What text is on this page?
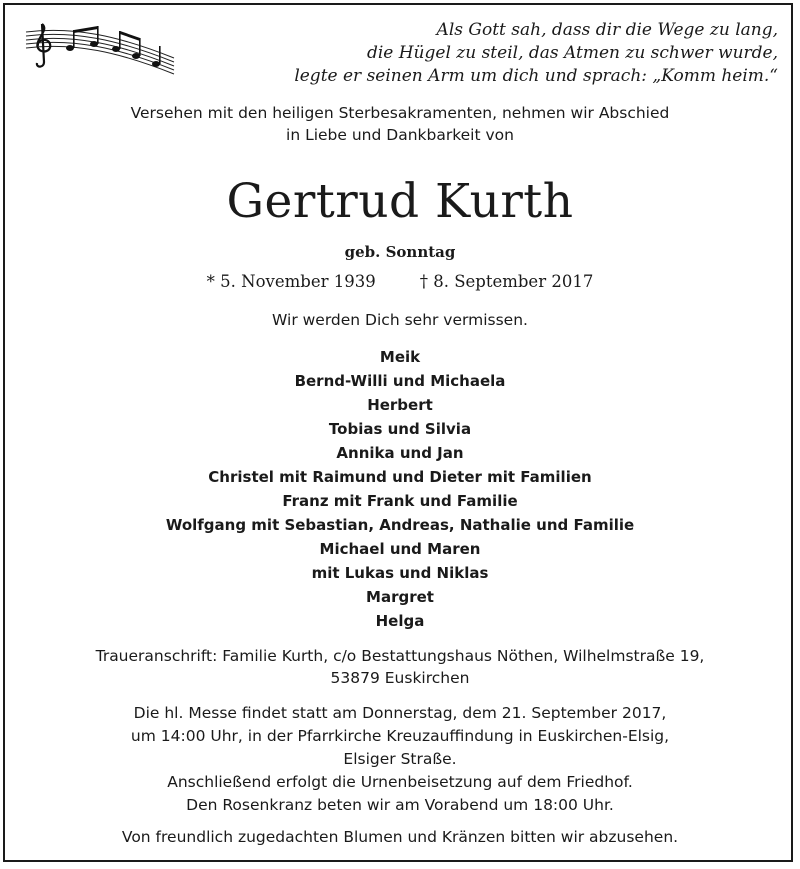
Als Gott sah, dass dir die Wege zu lang,
die Hügel zu steil, das Atmen zu schwer wurde,
legte er seinen Arm um dich und sprach: „Komm heim.“
Versehen mit den heiligen Sterbesakramenten, nehmen wir Abschied
in Liebe und Dankbarkeit von
Gertrud Kurth
geb. Sonntag
* 5. November 1939	† 8. September 2017
Wir werden Dich sehr vermissen.
Meik
Bernd-Willi und Michaela
Herbert
Tobias und Silvia
Annika und Jan
Christel mit Raimund und Dieter mit Familien
Franz mit Frank und Familie
Wolfgang mit Sebastian, Andreas, Nathalie und Familie
Michael und Maren
mit Lukas und Niklas
Margret
Helga
Traueranschrift: Familie Kurth, c/o Bestattungshaus Nöthen, Wilhelmstraße 19,
53879 Euskirchen
Die hl. Messe findet statt am Donnerstag, dem 21. September 2017,
um 14:00 Uhr, in der Pfarrkirche Kreuzauffindung in Euskirchen-Elsig,
Elsiger Straße.
Anschließend erfolgt die Urnenbeisetzung auf dem Friedhof.
Den Rosenkranz beten wir am Vorabend um 18:00 Uhr.
Von freundlich zugedachten Blumen und Kränzen bitten wir abzusehen.
